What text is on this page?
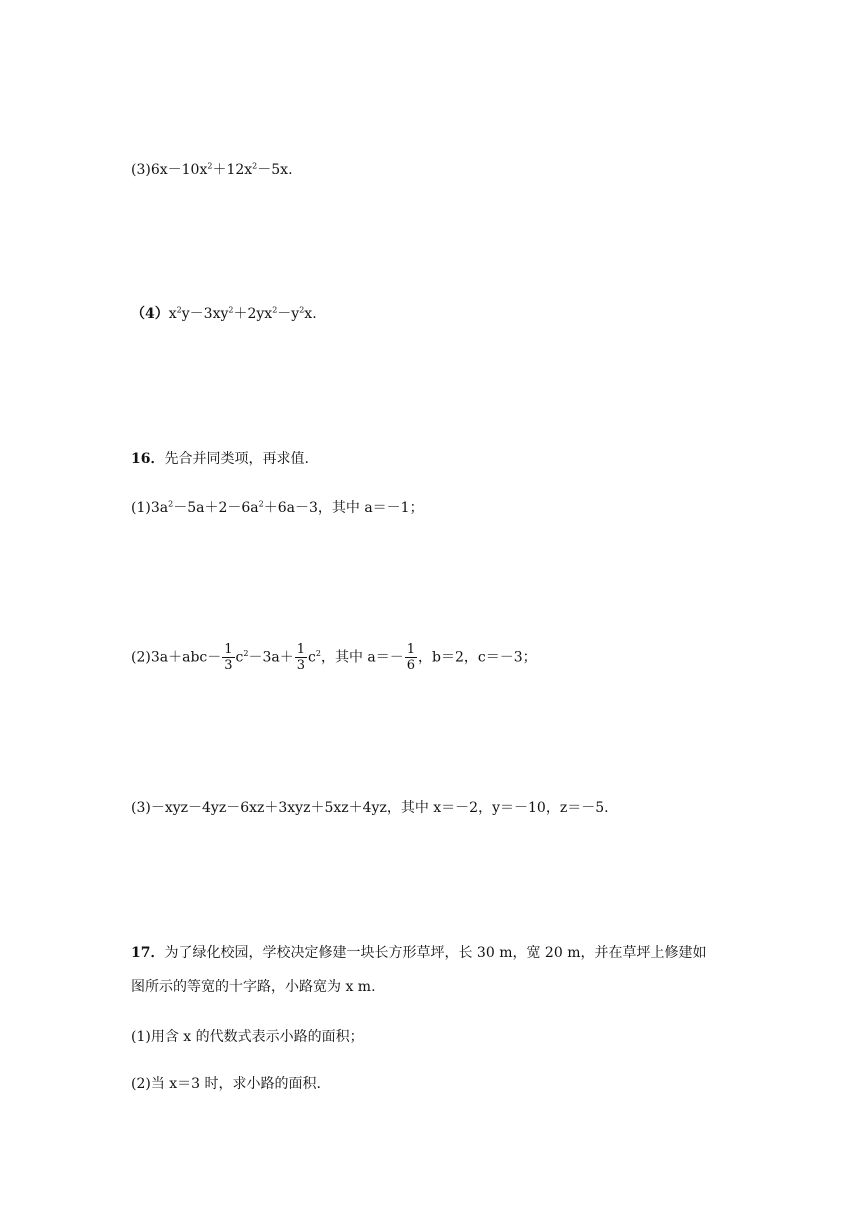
$(3)6x-10x^2+12x^2-5x$.
$(4)x^2y-3xy^2+2yx^2-y^2x$.
16．先合并同类项，再求值.
$(1)3a^2-5a+2-6a^2+6a-3$，其中 a＝－1；
$(2)3a+abc- \frac{1}{3} c^2-3a+ \frac{1}{3} c^2$，其中 $a=- \frac{1}{6}$ ，b＝2，c＝－3；
(3)－xyz－4yz－6xz＋3xyz＋5xz＋4yz，其中 x＝－2，y＝－10，z＝－5.
17．为了绿化校园，学校决定修建一块长方形草坪，长 30 m，宽 20 m，并在草坪上修建如
图所示的等宽的十字路，小路宽为 x m.
(1)用含 x 的代数式表示小路的面积；
(2)当 x＝3 时，求小路的面积.
